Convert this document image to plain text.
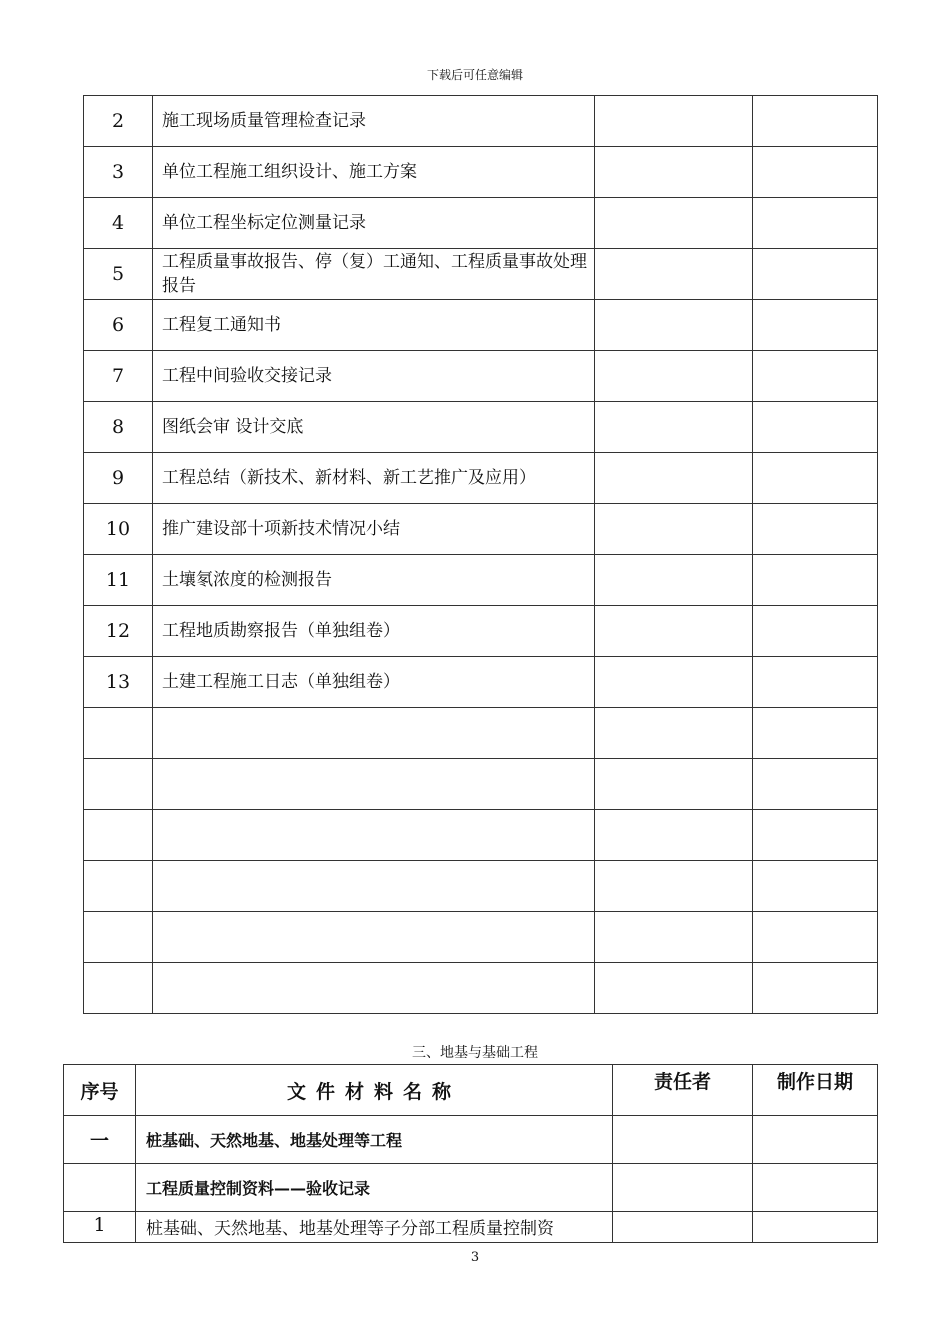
下载后可任意编辑
2	施工现场质量管理检查记录		
3	单位工程施工组织设计、施工方案		
4	单位工程坐标定位测量记录		
5	工程质量事故报告、停（复）工通知、工程质量事故处理报告		
6	工程复工通知书		
7	工程中间验收交接记录		
8	图纸会审 设计交底		
9	工程总结（新技术、新材料、新工艺推广及应用）		
10	推广建设部十项新技术情况小结		
11	土壤氡浓度的检测报告		
12	工程地质勘察报告（单独组卷）		
13	土建工程施工日志（单独组卷）		

三、地基与基础工程
序号	文件材料名称	责任者	制作日期
一	桩基础、天然地基、地基处理等工程		
	工程质量控制资料——验收记录		
1	桩基础、天然地基、地基处理等子分部工程质量控制资		
3
